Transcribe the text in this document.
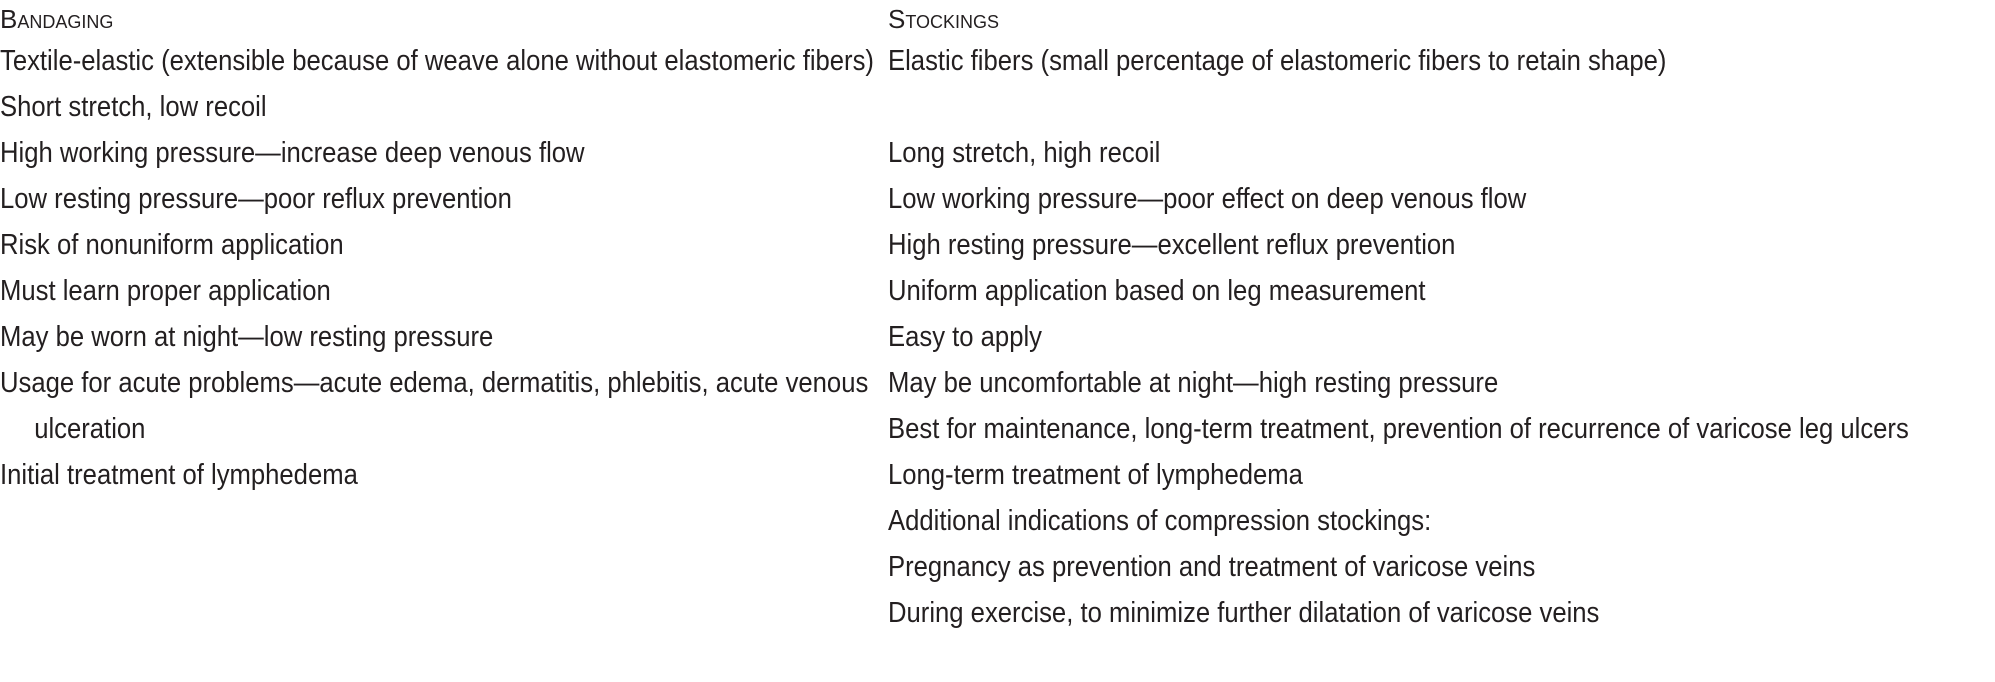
Bandaging
Textile-elastic (extensible because of weave alone without elastomeric fibers)
Short stretch, low recoil
High working pressure—increase deep venous flow
Low resting pressure—poor reflux prevention
Risk of nonuniform application
Must learn proper application
May be worn at night—low resting pressure
Usage for acute problems—acute edema, dermatitis, phlebitis, acute venous ulceration
Initial treatment of lymphedema
Stockings
Elastic fibers (small percentage of elastomeric fibers to retain shape)
Long stretch, high recoil
Low working pressure—poor effect on deep venous flow
High resting pressure—excellent reflux prevention
Uniform application based on leg measurement
Easy to apply
May be uncomfortable at night—high resting pressure
Best for maintenance, long-term treatment, prevention of recurrence of varicose leg ulcers
Long-term treatment of lymphedema
Additional indications of compression stockings:
Pregnancy as prevention and treatment of varicose veins
During exercise, to minimize further dilatation of varicose veins
